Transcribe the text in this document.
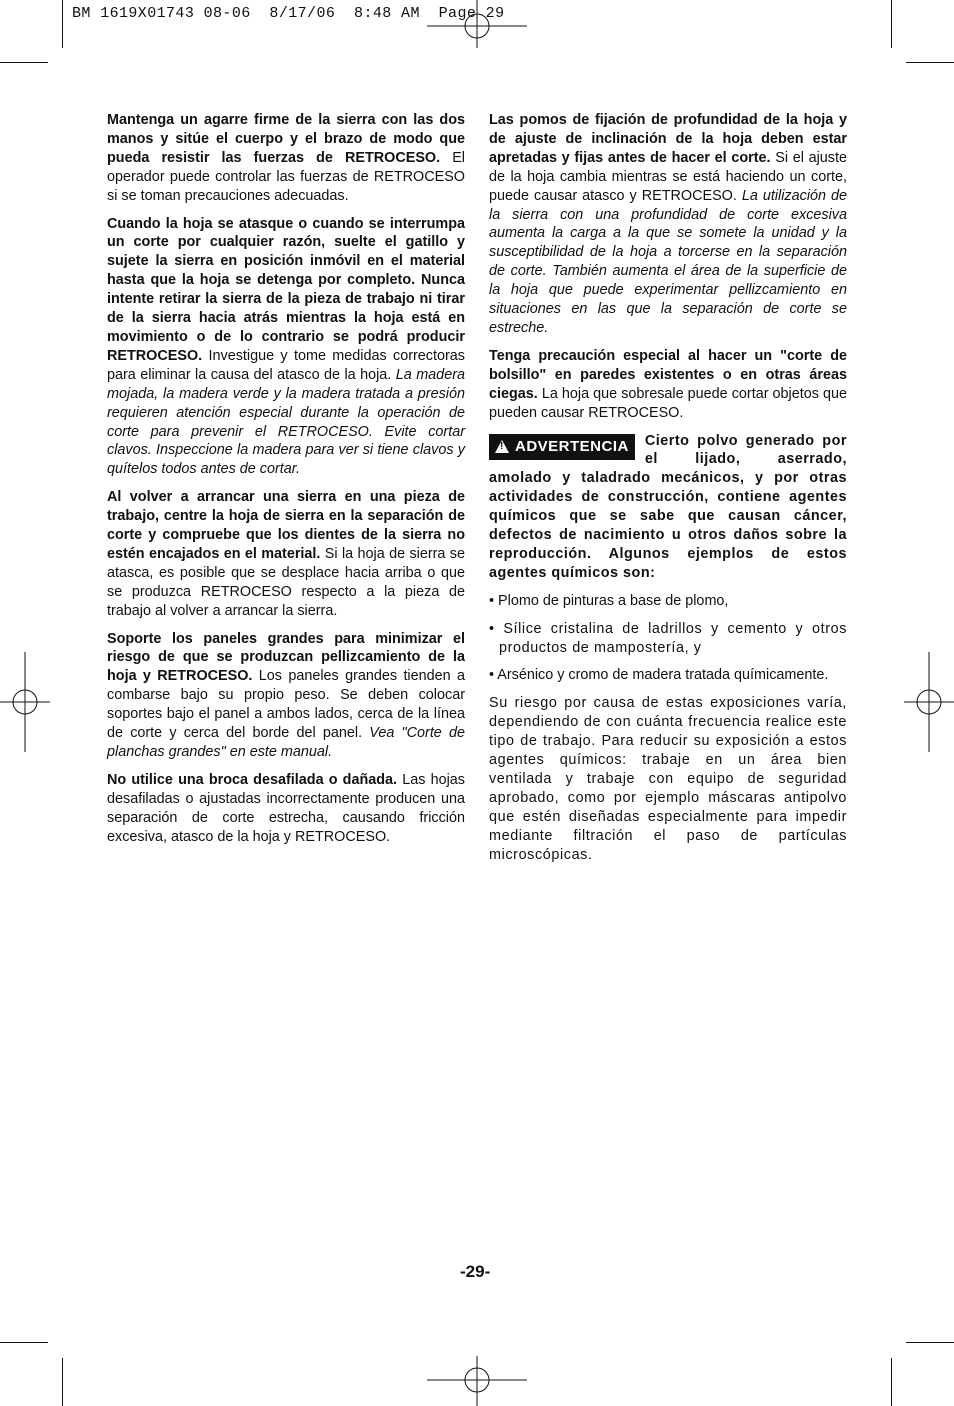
BM 1619X01743 08-06  8/17/06  8:48 AM  Page 29

Mantenga un agarre firme de la sierra con las dos manos y sitúe el cuerpo y el brazo de modo que pueda resistir las fuerzas de RETROCESO. El operador puede controlar las fuerzas de RETROCESO si se toman precauciones adecuadas.

Cuando la hoja se atasque o cuando se interrumpa un corte por cualquier razón, suelte el gatillo y sujete la sierra en posición inmóvil en el material hasta que la hoja se detenga por completo. Nunca intente retirar la sierra de la pieza de trabajo ni tirar de la sierra hacia atrás mientras la hoja está en movimiento o de lo contrario se podrá producir RETROCESO. Investigue y tome medidas correctoras para eliminar la causa del atasco de la hoja. La madera mojada, la madera verde y la madera tratada a presión requieren atención especial durante la operación de corte para prevenir el RETROCESO. Evite cortar clavos. Inspeccione la madera para ver si tiene clavos y quítelos todos antes de cortar.

Al volver a arrancar una sierra en una pieza de trabajo, centre la hoja de sierra en la separación de corte y compruebe que los dientes de la sierra no estén encajados en el material. Si la hoja de sierra se atasca, es posible que se desplace hacia arriba o que se produzca RETROCESO respecto a la pieza de trabajo al volver a arrancar la sierra.

Soporte los paneles grandes para minimizar el riesgo de que se produzcan pellizcamiento de la hoja y RETROCESO. Los paneles grandes tienden a combarse bajo su propio peso. Se deben colocar soportes bajo el panel a ambos lados, cerca de la línea de corte y cerca del borde del panel. Vea "Corte de planchas grandes" en este manual.

No utilice una broca desafilada o dañada. Las hojas desafiladas o ajustadas incorrectamente producen una separación de corte estrecha, causando fricción excesiva, atasco de la hoja y RETROCESO.

Las pomos de fijación de profundidad de la hoja y de ajuste de inclinación de la hoja deben estar apretadas y fijas antes de hacer el corte. Si el ajuste de la hoja cambia mientras se está haciendo un corte, puede causar atasco y RETROCESO. La utilización de la sierra con una profundidad de corte excesiva aumenta la carga a la que se somete la unidad y la susceptibilidad de la hoja a torcerse en la separación de corte. También aumenta el área de la superficie de la hoja que puede experimentar pellizcamiento en situaciones en las que la separación de corte se estreche.

Tenga precaución especial al hacer un "corte de bolsillo" en paredes existentes o en otras áreas ciegas. La hoja que sobresale puede cortar objetos que pueden causar RETROCESO.

! ADVERTENCIA Cierto polvo generado por el lijado, aserrado, amolado y taladrado mecánicos, y por otras actividades de construcción, contiene agentes químicos que se sabe que causan cáncer, defectos de nacimiento u otros daños sobre la reproducción. Algunos ejemplos de estos agentes químicos son:

• Plomo de pinturas a base de plomo,

• Sílice cristalina de ladrillos y cemento y otros productos de mampostería, y

• Arsénico y cromo de madera tratada químicamente.

Su riesgo por causa de estas exposiciones varía, dependiendo de con cuánta frecuencia realice este tipo de trabajo. Para reducir su exposición a estos agentes químicos: trabaje en un área bien ventilada y trabaje con equipo de seguridad aprobado, como por ejemplo máscaras antipolvo que estén diseñadas especialmente para impedir mediante filtración el paso de partículas microscópicas.

-29-
